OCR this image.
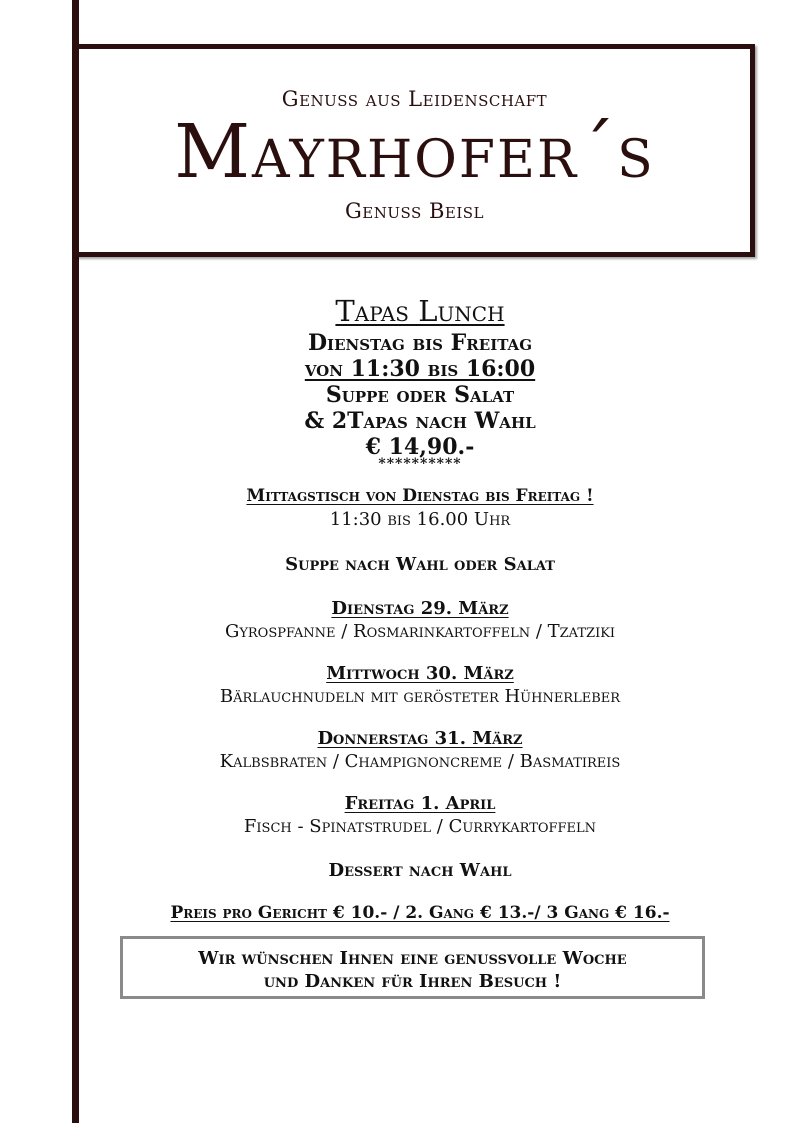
Genuss aus Leidenschaft
Mayrhofer´s
Genuss Beisl
Tapas Lunch
Dienstag bis Freitag
von 11:30 bis 16:00
Suppe oder Salat
& 2Tapas nach Wahl
€ 14,90.-
**********
Mittagstisch von Dienstag bis Freitag !
11:30 bis 16.00 Uhr
Suppe nach Wahl oder Salat
Dienstag 29. März
Gyrospfanne / Rosmarinkartoffeln / Tzatziki
Mittwoch 30. März
Bärlauchnudeln mit gerösteter Hühnerleber
Donnerstag 31. März
Kalbsbraten / Champignoncreme / Basmatireis
Freitag 1. April
Fisch - Spinatstrudel / Currykartoffeln
Dessert nach Wahl
Preis pro Gericht € 10.- / 2. Gang € 13.-/ 3 Gang € 16.-
Wir wünschen Ihnen eine genussvolle Woche
und Danken für Ihren Besuch !
